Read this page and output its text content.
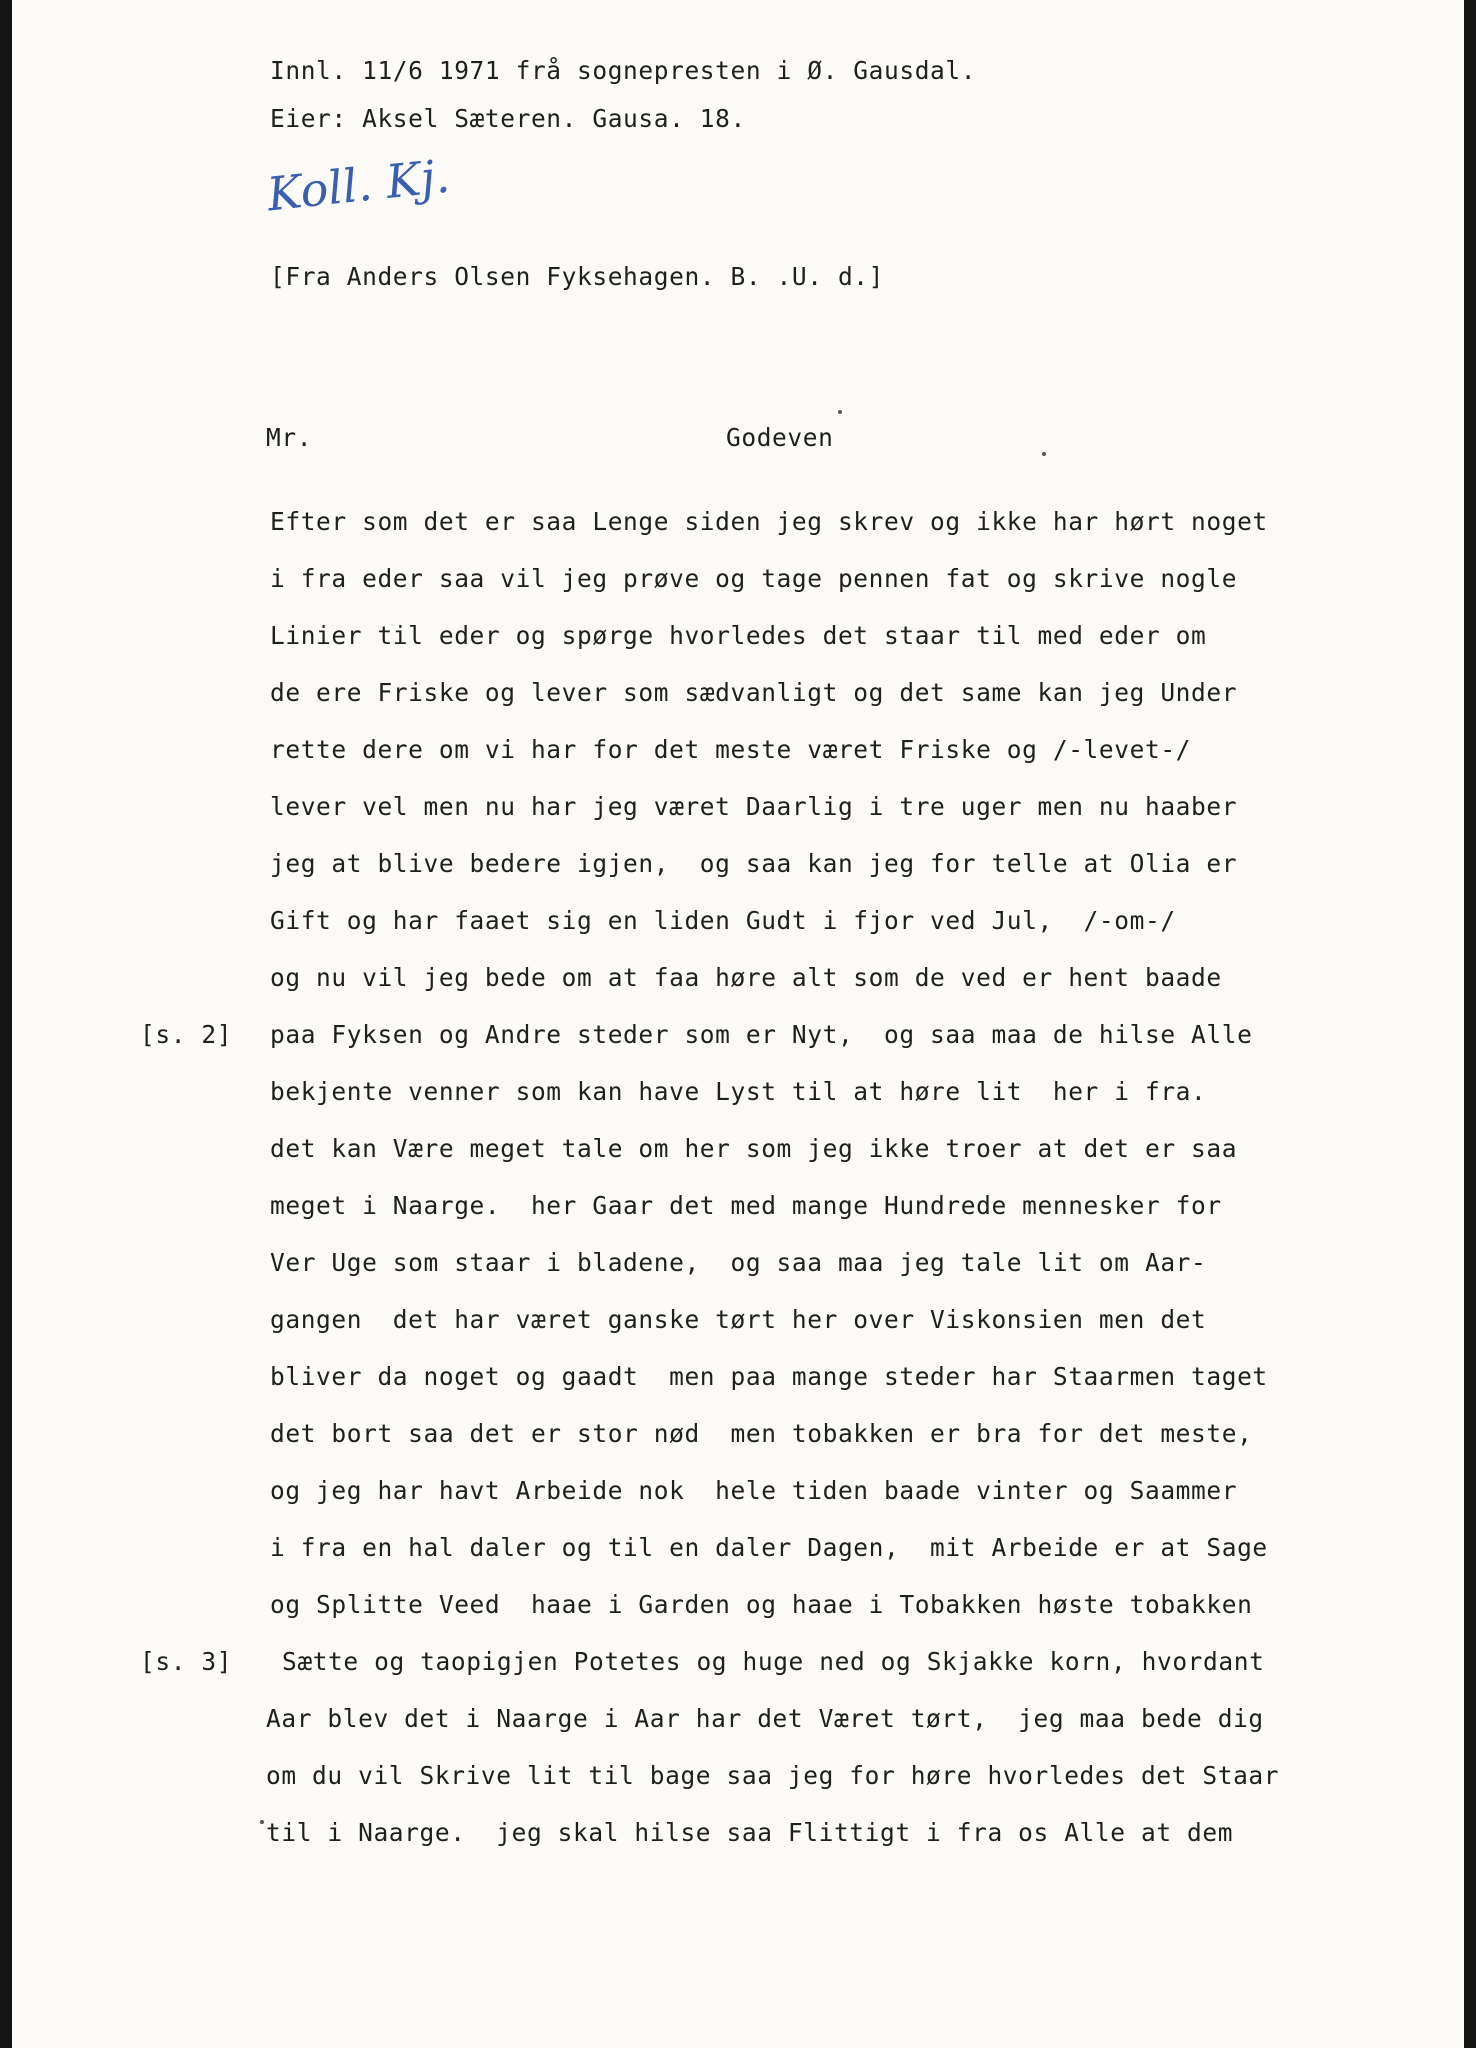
Innl. 11/6 1971 frå sognepresten i Ø. Gausdal.
Eier: Aksel Sæteren. Gausa. 18.
Koll. Kj.
[Fra Anders Olsen Fyksehagen. B. .U. d.]
Mr.	Godeven
Efter som det er saa Lenge siden jeg skrev og ikke har hørt noget
i fra eder saa vil jeg prøve og tage pennen fat og skrive nogle
Linier til eder og spørge hvorledes det staar til med eder om
de ere Friske og lever som sædvanligt og det same kan jeg Under
rette dere om vi har for det meste været Friske og /-levet-/
lever vel men nu har jeg været Daarlig i tre uger men nu haaber
jeg at blive bedere igjen,  og saa kan jeg for telle at Olia er
Gift og har faaet sig en liden Gudt i fjor ved Jul,  /-om-/
og nu vil jeg bede om at faa høre alt som de ved er hent baade
paa Fyksen og Andre steder som er Nyt,  og saa maa de hilse Alle
bekjente venner som kan have Lyst til at høre lit  her i fra.
det kan Være meget tale om her som jeg ikke troer at det er saa
meget i Naarge.  her Gaar det med mange Hundrede mennesker for
Ver Uge som staar i bladene,  og saa maa jeg tale lit om Aar-
gangen  det har været ganske tørt her over Viskonsien men det
bliver da noget og gaadt  men paa mange steder har Staarmen taget
det bort saa det er stor nød  men tobakken er bra for det meste,
og jeg har havt Arbeide nok  hele tiden baade vinter og Saammer
i fra en hal daler og til en daler Dagen,  mit Arbeide er at Sage
og Splitte Veed  haae i Garden og haae i Tobakken høste tobakken
Sætte og taopigjen Potetes og huge ned og Skjakke korn, hvordant
Aar blev det i Naarge i Aar har det Været tørt,  jeg maa bede dig
om du vil Skrive lit til bage saa jeg for høre hvorledes det Staar
til i Naarge.  jeg skal hilse saa Flittigt i fra os Alle at dem
[s. 2]
[s. 3]
